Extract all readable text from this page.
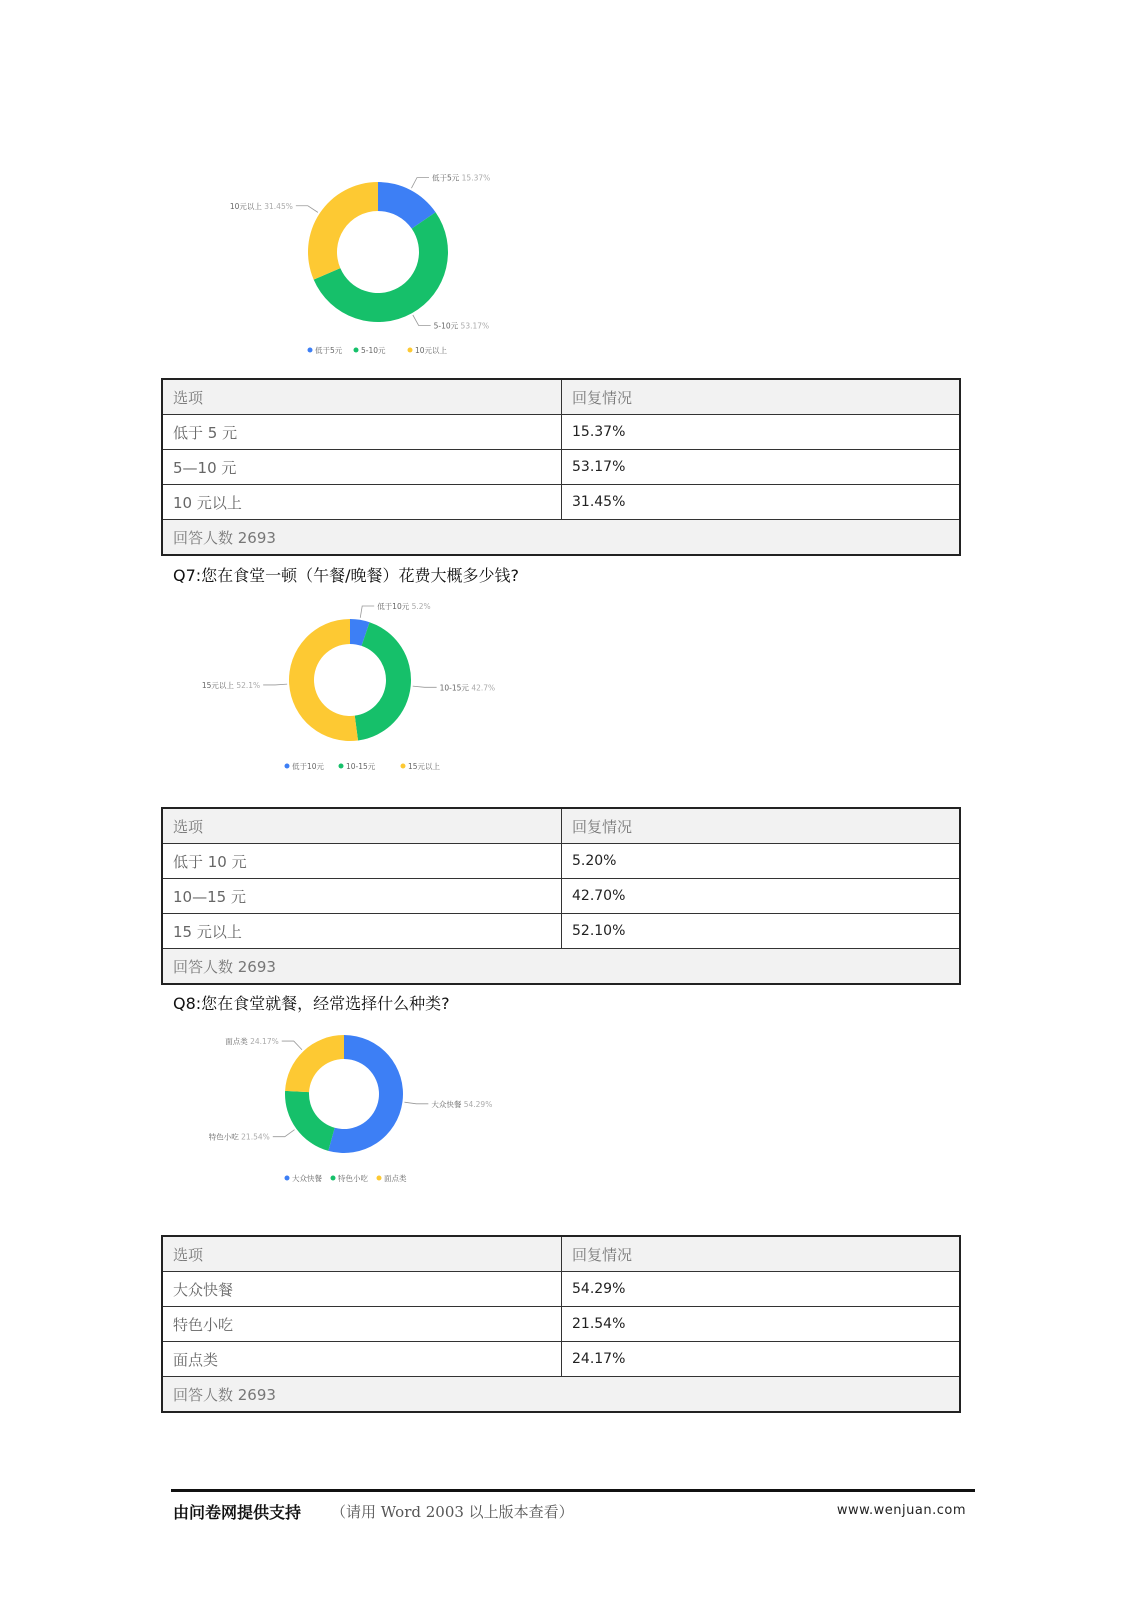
低于5元 15.37%
5-10元 53.17%
10元以上 31.45%
低于5元 5-10元	10元以上
选项	回复情况
低于 5 元	15.37%
5—10 元	53.17%
10 元以上	31.45%
回答人数 2693	
Q7:您在食堂一顿（午餐/晚餐）花费大概多少钱?
低于10元 5.2%
10-15元 42.7%
15元以上 52.1%
低于10元	10-15元	15元以上
选项	回复情况
低于 10 元	5.20%
10—15 元	42.70%
15 元以上	52.10%
回答人数 2693	
Q8:您在食堂就餐，经常选择什么种类?
大众快餐 54.29%
特色小吃 21.54%
面点类 24.17%
大众快餐 特色小吃 面点类
选项	回复情况
大众快餐	54.29%
特色小吃	21.54%
面点类	24.17%
回答人数 2693	
由问卷网提供支持 （请用 Word 2003 以上版本查看）	www.wenjuan.com
